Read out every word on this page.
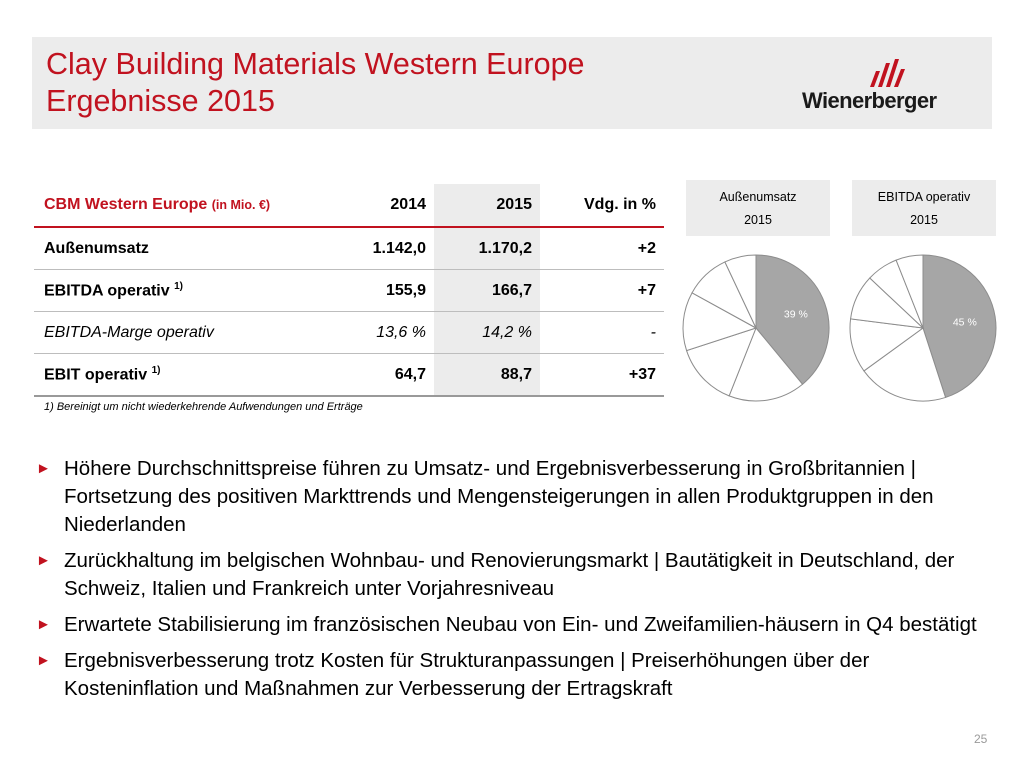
Clay Building Materials Western Europe
Ergebnisse 2015	Wienerberger
CBM Western Europe (in Mio. €)	2014	2015	Vdg. in %
Außenumsatz	1.142,0	1.170,2	+2
EBITDA operativ $^{1)}$	155,9	166,7	+7
EBITDA-Marge operativ	13,6 %	14,2 %	-
EBIT operativ $^{1)}$	64,7	88,7	+37
1) Bereinigt um nicht wiederkehrende Aufwendungen und Erträge
Außenumsatz
2015
39 %
EBITDA operativ
2015
45 %
► Höhere Durchschnittspreise führen zu Umsatz- und Ergebnisverbesserung in Großbritannien | Fortsetzung des positiven Markttrends und Mengensteigerungen in allen Produktgruppen in den Niederlanden
► Zurückhaltung im belgischen Wohnbau- und Renovierungsmarkt | Bautätigkeit in Deutschland, der Schweiz, Italien und Frankreich unter Vorjahresniveau
► Erwartete Stabilisierung im französischen Neubau von Ein- und Zweifamilien-häusern in Q4 bestätigt
► Ergebnisverbesserung trotz Kosten für Strukturanpassungen | Preiserhöhungen über der Kosteninflation und Maßnahmen zur Verbesserung der Ertragskraft
25
